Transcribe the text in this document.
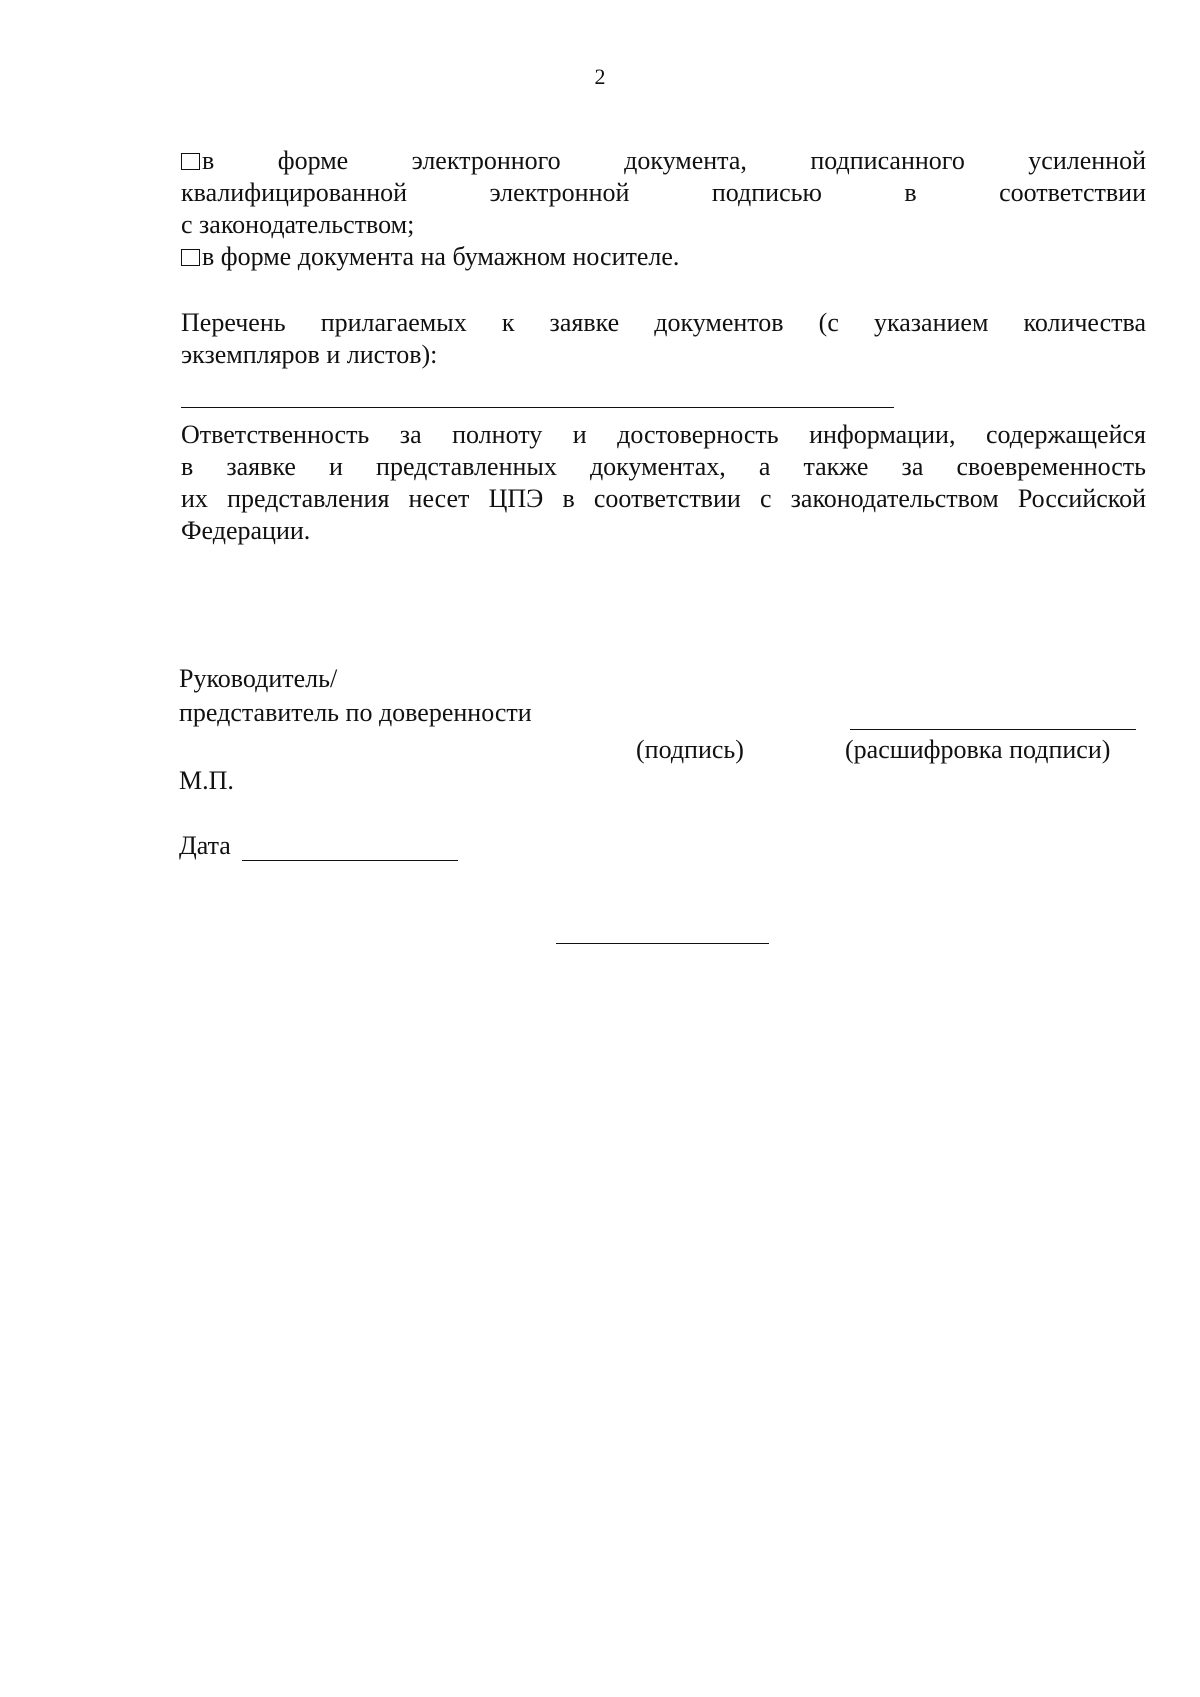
2
в форме электронного документа, подписанного усиленной
квалифицированной электронной подписью в соответствии
с законодательством;
в форме документа на бумажном носителе.
Перечень прилагаемых к заявке документов (с указанием количества
экземпляров и листов):
Ответственность за полноту и достоверность информации, содержащейся
в заявке и представленных документах, а также за своевременность
их представления несет ЦПЭ в соответствии с законодательством Российской
Федерации.
Руководитель/
представитель по доверенности
(подпись)	(расшифровка подписи)
М.П.
Дата
